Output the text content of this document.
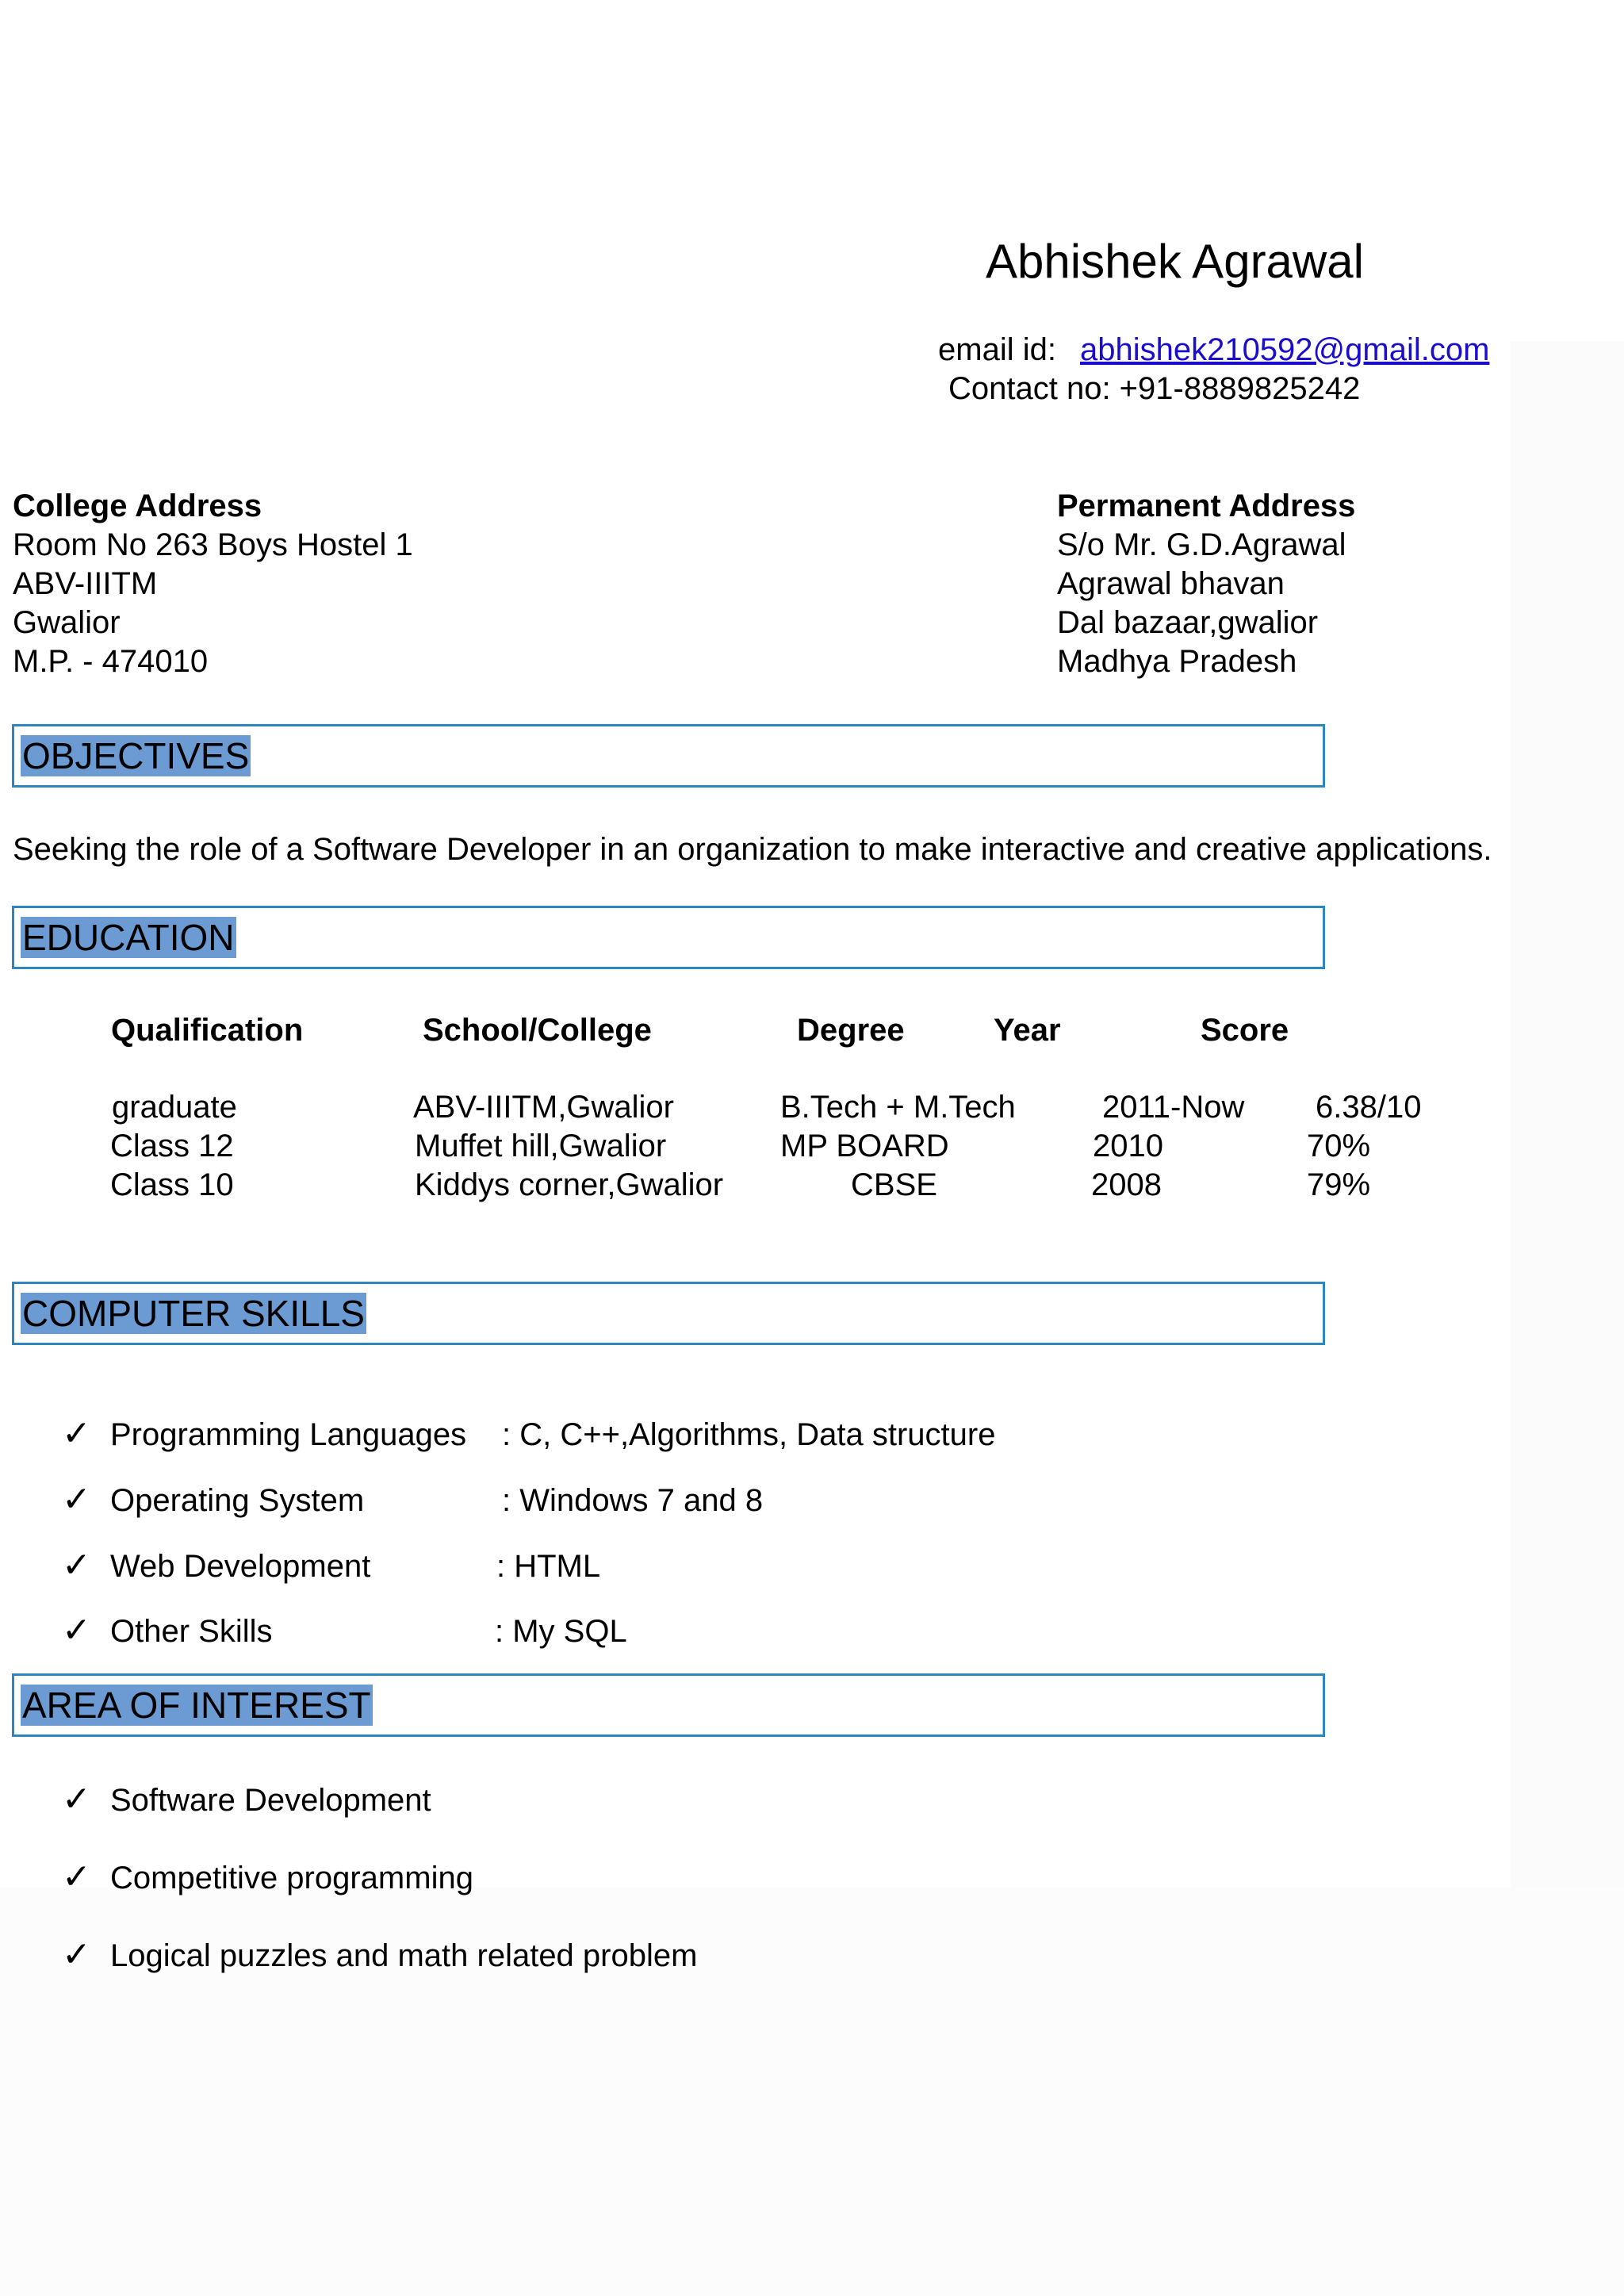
Abhishek Agrawal
email id: abhishek210592@gmail.com
Contact no: +91-8889825242
College Address
Room No 263 Boys Hostel 1
ABV-IIITM
Gwalior
M.P. - 474010
Permanent Address
S/o Mr. G.D.Agrawal
Agrawal bhavan
Dal bazaar,gwalior
Madhya Pradesh
OBJECTIVES
Seeking the role of a Software Developer in an organization to make interactive and creative applications.
EDUCATION
Qualification	School/College	Degree	Year	Score
graduate	ABV-IIITM,Gwalior	B.Tech + M.Tech	2011-Now 6.38/10
Class 12	Muffet hill,Gwalior	MP BOARD	2010	70%
Class 10	Kiddys corner,Gwalior	CBSE	2008	79%
COMPUTER SKILLS
✓ Programming Languages : C, C++,Algorithms, Data structure
✓ Operating System	: Windows 7 and 8
✓ Web Development	: HTML
✓ Other Skills	: My SQL
AREA OF INTEREST
✓ Software Development
✓ Competitive programming
✓ Logical puzzles and math related problem
